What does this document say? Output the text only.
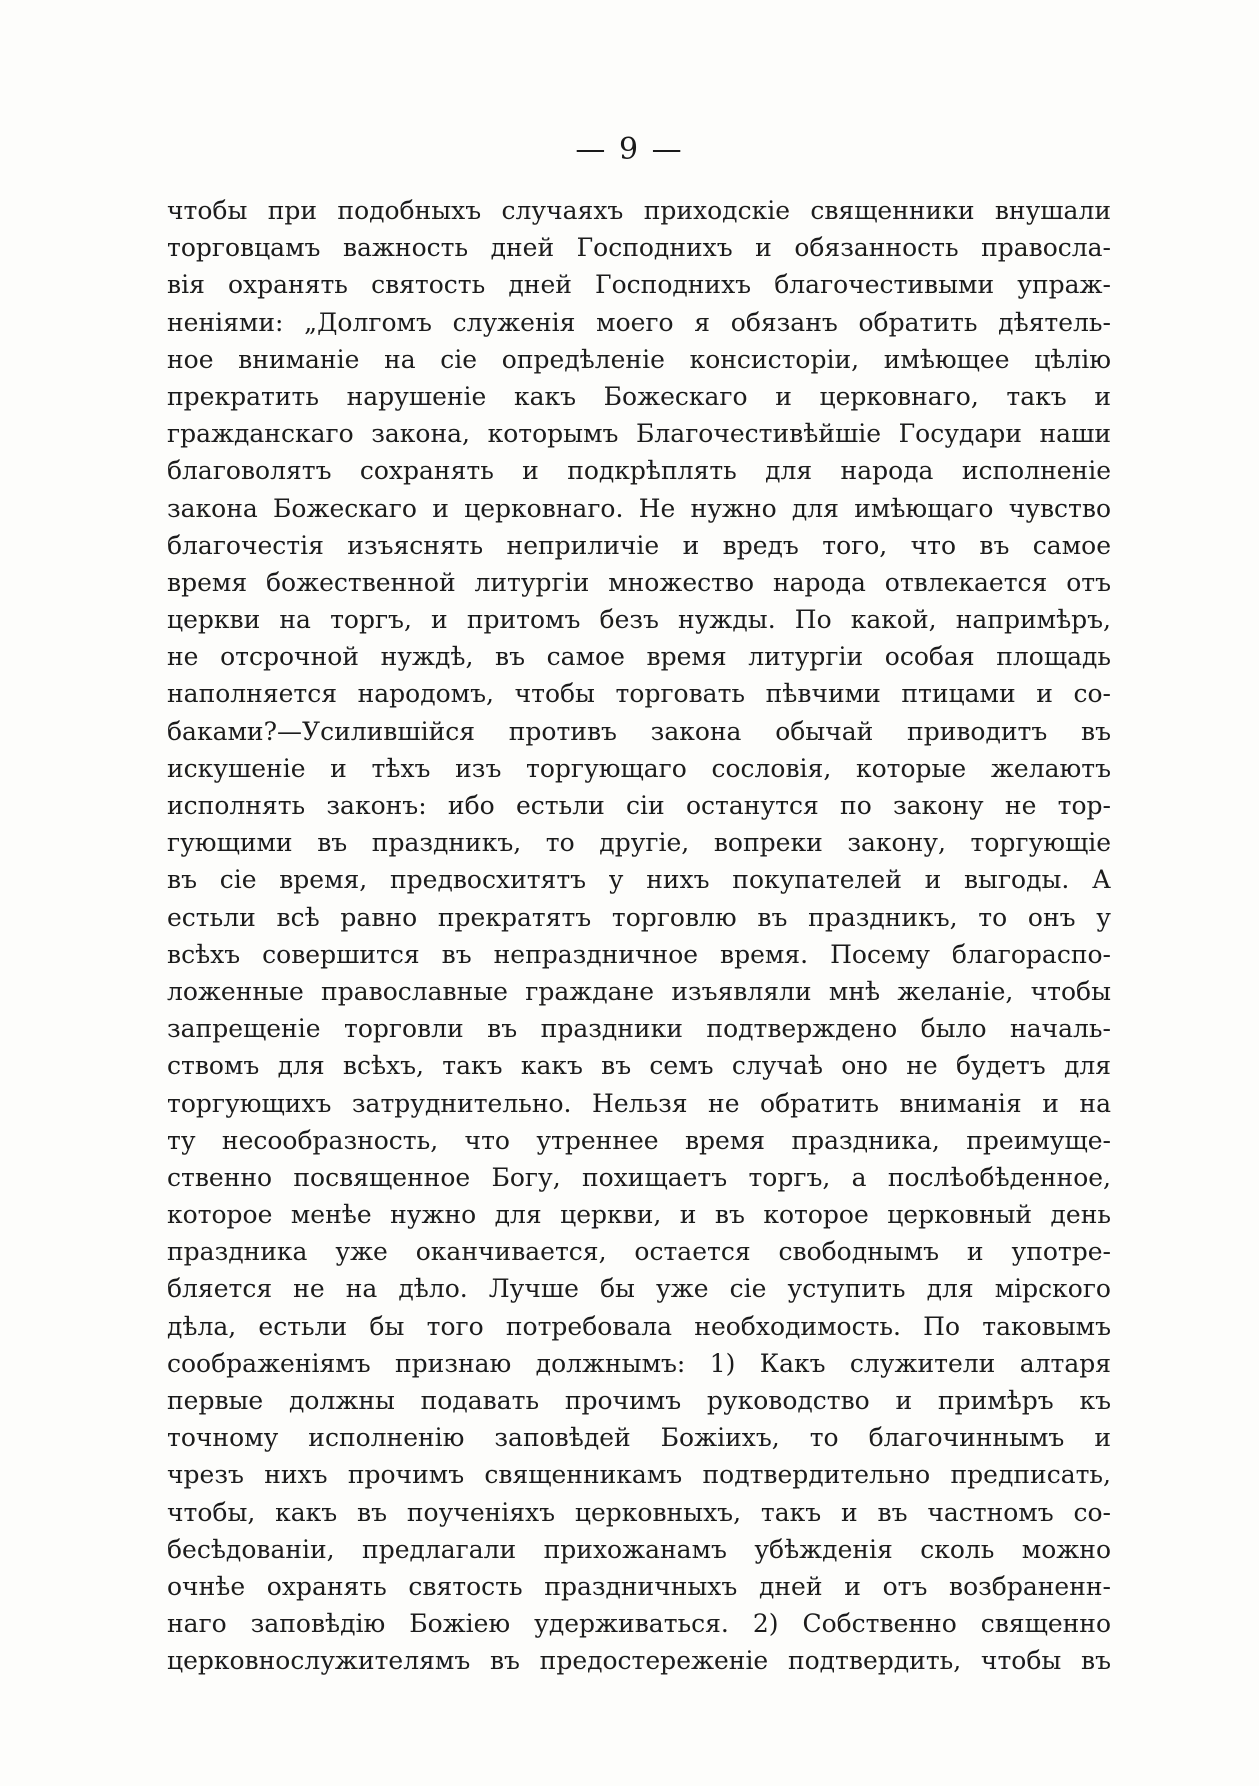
— 9 —
чтобы при подобныхъ случаяхъ приходскіе священники внушали
торговцамъ важность дней Господнихъ и обязанность правосла-
вія охранять святость дней Господнихъ благочестивыми упраж-
неніями: „Долгомъ служенія моего я обязанъ обратить дѣятель-
ное вниманіе на сіе опредѣленіе консисторіи, имѣющее цѣлію
прекратить нарушеніе какъ Божескаго и церковнаго, такъ и
гражданскаго закона, которымъ Благочестивѣйшіе Государи наши
благоволятъ сохранять и подкрѣплять для народа исполненіе
закона Божескаго и церковнаго. Не нужно для имѣющаго чувство
благочестія изъяснять неприличіе и вредъ того, что въ самое
время божественной литургіи множество народа отвлекается отъ
церкви на торгъ, и притомъ безъ нужды. По какой, напримѣръ,
не отсрочной нуждѣ, въ самое время литургіи особая площадь
наполняется народомъ, чтобы торговать пѣвчими птицами и со-
баками?—Усилившійся противъ закона обычай приводитъ въ
искушеніе и тѣхъ изъ торгующаго сословія, которые желаютъ
исполнять законъ: ибо естьли сіи останутся по закону не тор-
гующими въ праздникъ, то другіе, вопреки закону, торгующіе
въ сіе время, предвосхитятъ у нихъ покупателей и выгоды. А
естьли всѣ равно прекратятъ торговлю въ праздникъ, то онъ у
всѣхъ совершится въ непраздничное время. Посему благораспо-
ложенные православные граждане изъявляли мнѣ желаніе, чтобы
запрещеніе торговли въ праздники подтверждено было началь-
ствомъ для всѣхъ, такъ какъ въ семъ случаѣ оно не будетъ для
торгующихъ затруднительно. Нельзя не обратить вниманія и на
ту несообразность, что утреннее время праздника, преимуще-
ственно посвященное Богу, похищаетъ торгъ, а послѣобѣденное,
которое менѣе нужно для церкви, и въ которое церковный день
праздника уже оканчивается, остается свободнымъ и употре-
бляется не на дѣло. Лучше бы уже сіе уступить для мірского
дѣла, естьли бы того потребовала необходимость. По таковымъ
соображеніямъ признаю должнымъ: 1) Какъ служители алтаря
первые должны подавать прочимъ руководство и примѣръ къ
точному исполненію заповѣдей Божіихъ, то благочиннымъ и
чрезъ нихъ прочимъ священникамъ подтвердительно предписать,
чтобы, какъ въ поученіяхъ церковныхъ, такъ и въ частномъ со-
бесѣдованіи, предлагали прихожанамъ убѣжденія сколь можно
очнѣе охранять святость праздничныхъ дней и отъ возбраненн-
наго заповѣдію Божіею удерживаться. 2) Собственно священно
церковнослужителямъ въ предостереженіе подтвердить, чтобы въ
